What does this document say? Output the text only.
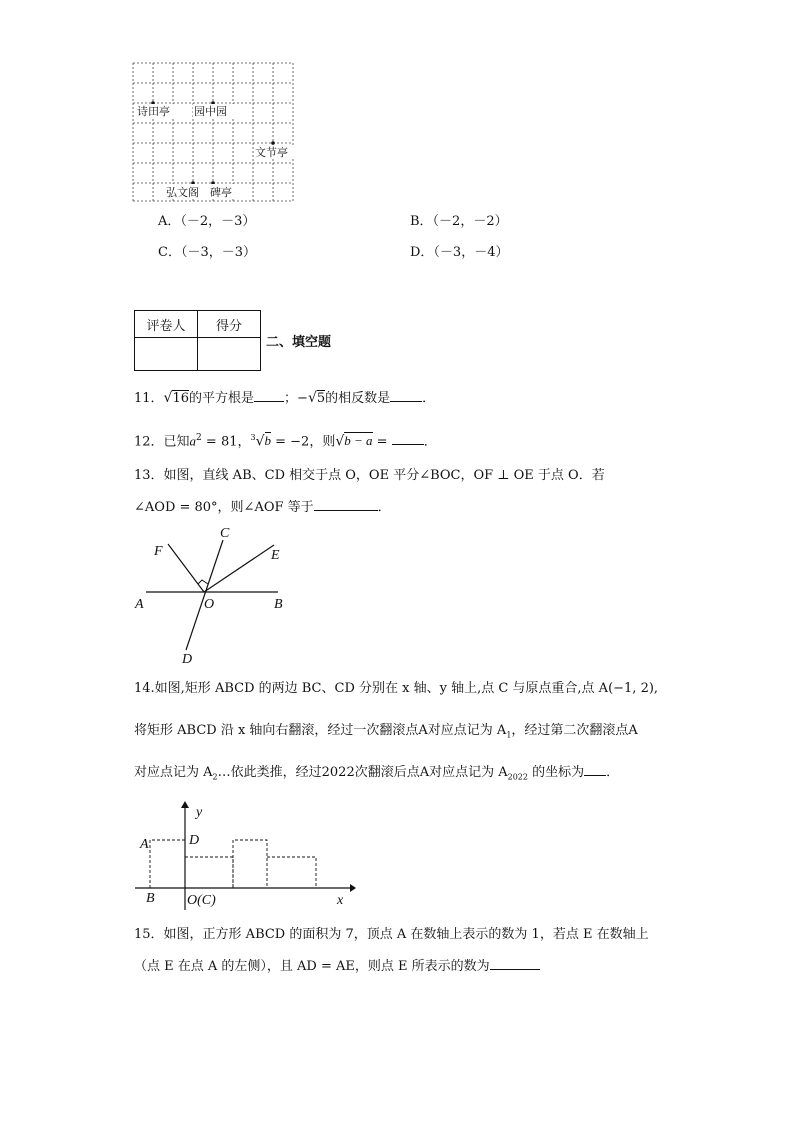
诗田亭 园中园
文节亭
弘文阁 碑亭
A．（－2，－3）	B．（－2，－2）
C．（－3，－3）	D．（－3，－4）
评卷人	得分

二、填空题
11．√16的平方根是 ；−√5的相反数是 ．
12．已知$a^2 = 81$，$^3$√b = −2，则√b − a = ．
13．如图，直线 AB、CD 相交于点 O，OE 平分∠BOC，OF ⊥ OE 于点 O．若
∠AOD = 80°，则∠AOF 等于	．
F
C
E
A	O	B
D
14.如图,矩形 ABCD 的两边 BC、CD 分别在 x 轴、y 轴上,点 C 与原点重合,点 A(−1, 2),
将矩形 ABCD 沿 x 轴向右翻滚，经过一次翻滚点A对应点记为 $A_1$，经过第二次翻滚点A
对应点记为 $A_2\dots$依此类推，经过2022次翻滚后点A对应点记为 $A_{2022}$ 的坐标为 ．
A	D
y
B O(C)	x
15．如图，正方形 ABCD 的面积为 7，顶点 A 在数轴上表示的数为 1，若点 E 在数轴上
（点 E 在点 A 的左侧），且 AD = AE，则点 E 所表示的数为
